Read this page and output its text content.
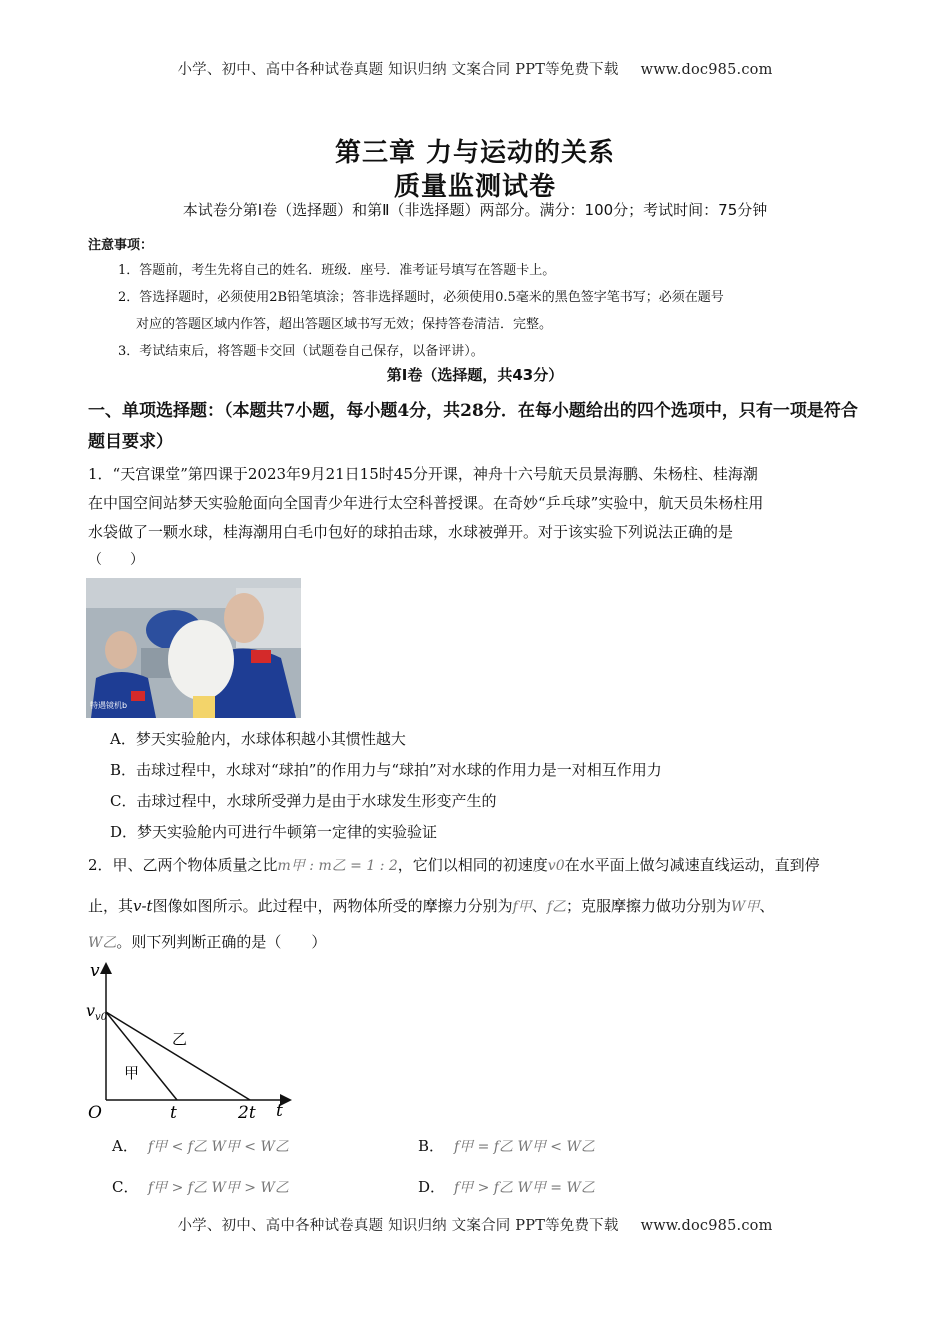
小学、初中、高中各种试卷真题 知识归纳 文案合同 PPT等免费下载 www.doc985.com
第三章 力与运动的关系
质量监测试卷
本试卷分第Ⅰ卷（选择题）和第Ⅱ（非选择题）两部分。满分：100分；考试时间：75分钟
注意事项：
1．答题前，考生先将自己的姓名．班级．座号．准考证号填写在答题卡上。
2．答选择题时，必须使用2B铅笔填涂；答非选择题时，必须使用0.5毫米的黑色签字笔书写；必须在题号
对应的答题区域内作答，超出答题区域书写无效；保持答卷清洁．完整。
3．考试结束后，将答题卡交回（试题卷自己保存，以备评讲）。
第Ⅰ卷（选择题，共43分）
一、单项选择题：（本题共7小题，每小题4分，共28分．在每小题给出的四个选项中，只有一项是符合题目要求）
1．“天宫课堂”第四课于2023年9月21日15时45分开课，神舟十六号航天员景海鹏、朱杨柱、桂海潮
在中国空间站梦天实验舱面向全国青少年进行太空科普授课。在奇妙“乒乓球”实验中，航天员朱杨柱用
水袋做了一颗水球，桂海潮用白毛巾包好的球拍击球，水球被弹开。对于该实验下列说法正确的是
（　　）
特遇镜机b
A．梦天实验舱内，水球体积越小其惯性越大
B．击球过程中，水球对“球拍”的作用力与“球拍”对水球的作用力是一对相互作用力
C．击球过程中，水球所受弹力是由于水球发生形变产生的
D．梦天实验舱内可进行牛顿第一定律的实验验证
2．甲、乙两个物体质量之比m甲 : m乙 = 1 : 2，它们以相同的初速度v0在水平面上做匀减速直线运动，直到停
止，其v-t图像如图所示。此过程中，两物体所受的摩擦力分别为f甲、f乙；克服摩擦力做功分别为W甲、
W乙。则下列判断正确的是（　　）
v
$v_{v0}$
O	t	2t t
甲
乙
A． f甲 < f乙 W甲 < W乙	B． f甲 = f乙 W甲 < W乙
C． f甲 > f乙 W甲 > W乙	D． f甲 > f乙 W甲 = W乙
小学、初中、高中各种试卷真题 知识归纳 文案合同 PPT等免费下载 www.doc985.com
